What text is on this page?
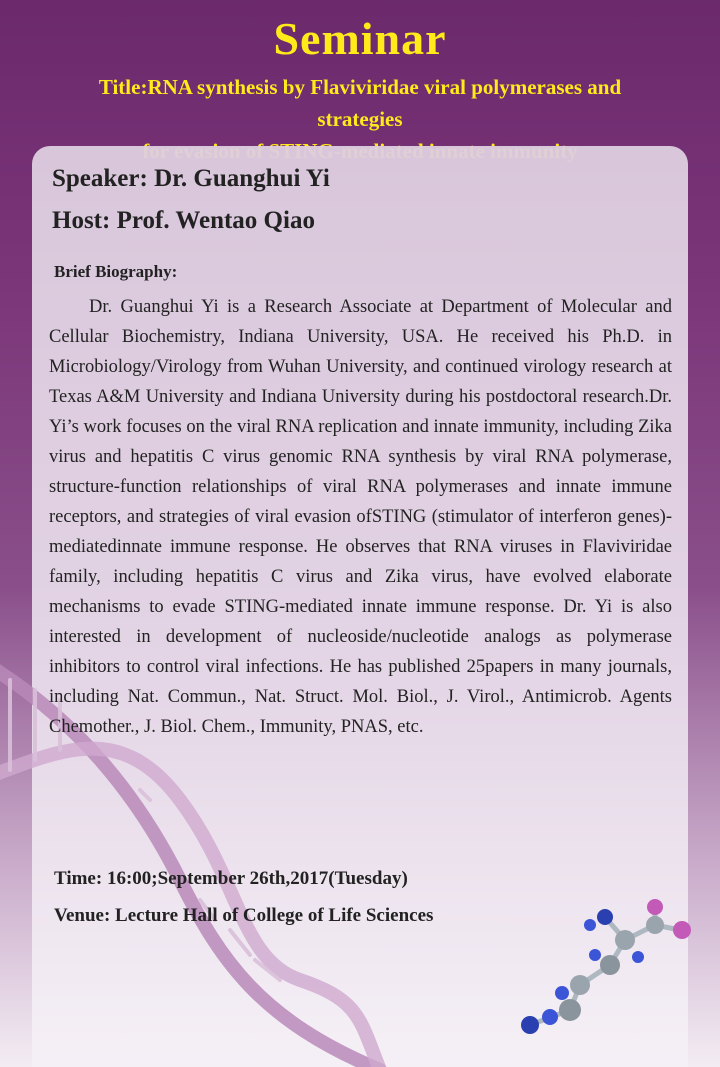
Seminar
Title:RNA synthesis by Flaviviridae viral polymerases and strategies
Speaker: Dr. Guanghui Yi
Host: Prof. Wentao Qiao
Brief Biography:

Dr. Guanghui Yi is a Research Associate at Department of Molecular and Cellular Biochemistry, Indiana University, USA. He received his Ph.D. in Microbiology/Virology from Wuhan University, and continued virology research at Texas A&M University and Indiana University during his postdoctoral research.Dr. Yi’s work focuses on the viral RNA replication and innate immunity, including Zika virus and hepatitis C virus genomic RNA synthesis by viral RNA polymerase, structure-function relationships of viral RNA polymerases and innate immune receptors, and strategies of viral evasion ofSTING (stimulator of interferon genes)-mediatedinnate immune response. He observes that RNA viruses in Flaviviridae family, including hepatitis C virus and Zika virus, have evolved elaborate mechanisms to evade STING-mediated innate immune response. Dr. Yi is also interested in development of nucleoside/nucleotide analogs as polymerase inhibitors to control viral infections. He has published 25papers in many journals, including Nat. Commun., Nat. Struct. Mol. Biol., J. Virol., Antimicrob. Agents Chemother., J. Biol. Chem., Immunity, PNAS, etc.

Time: 16:00;September 26th,2017(Tuesday)
Venue: Lecture Hall of College of Life Sciences
